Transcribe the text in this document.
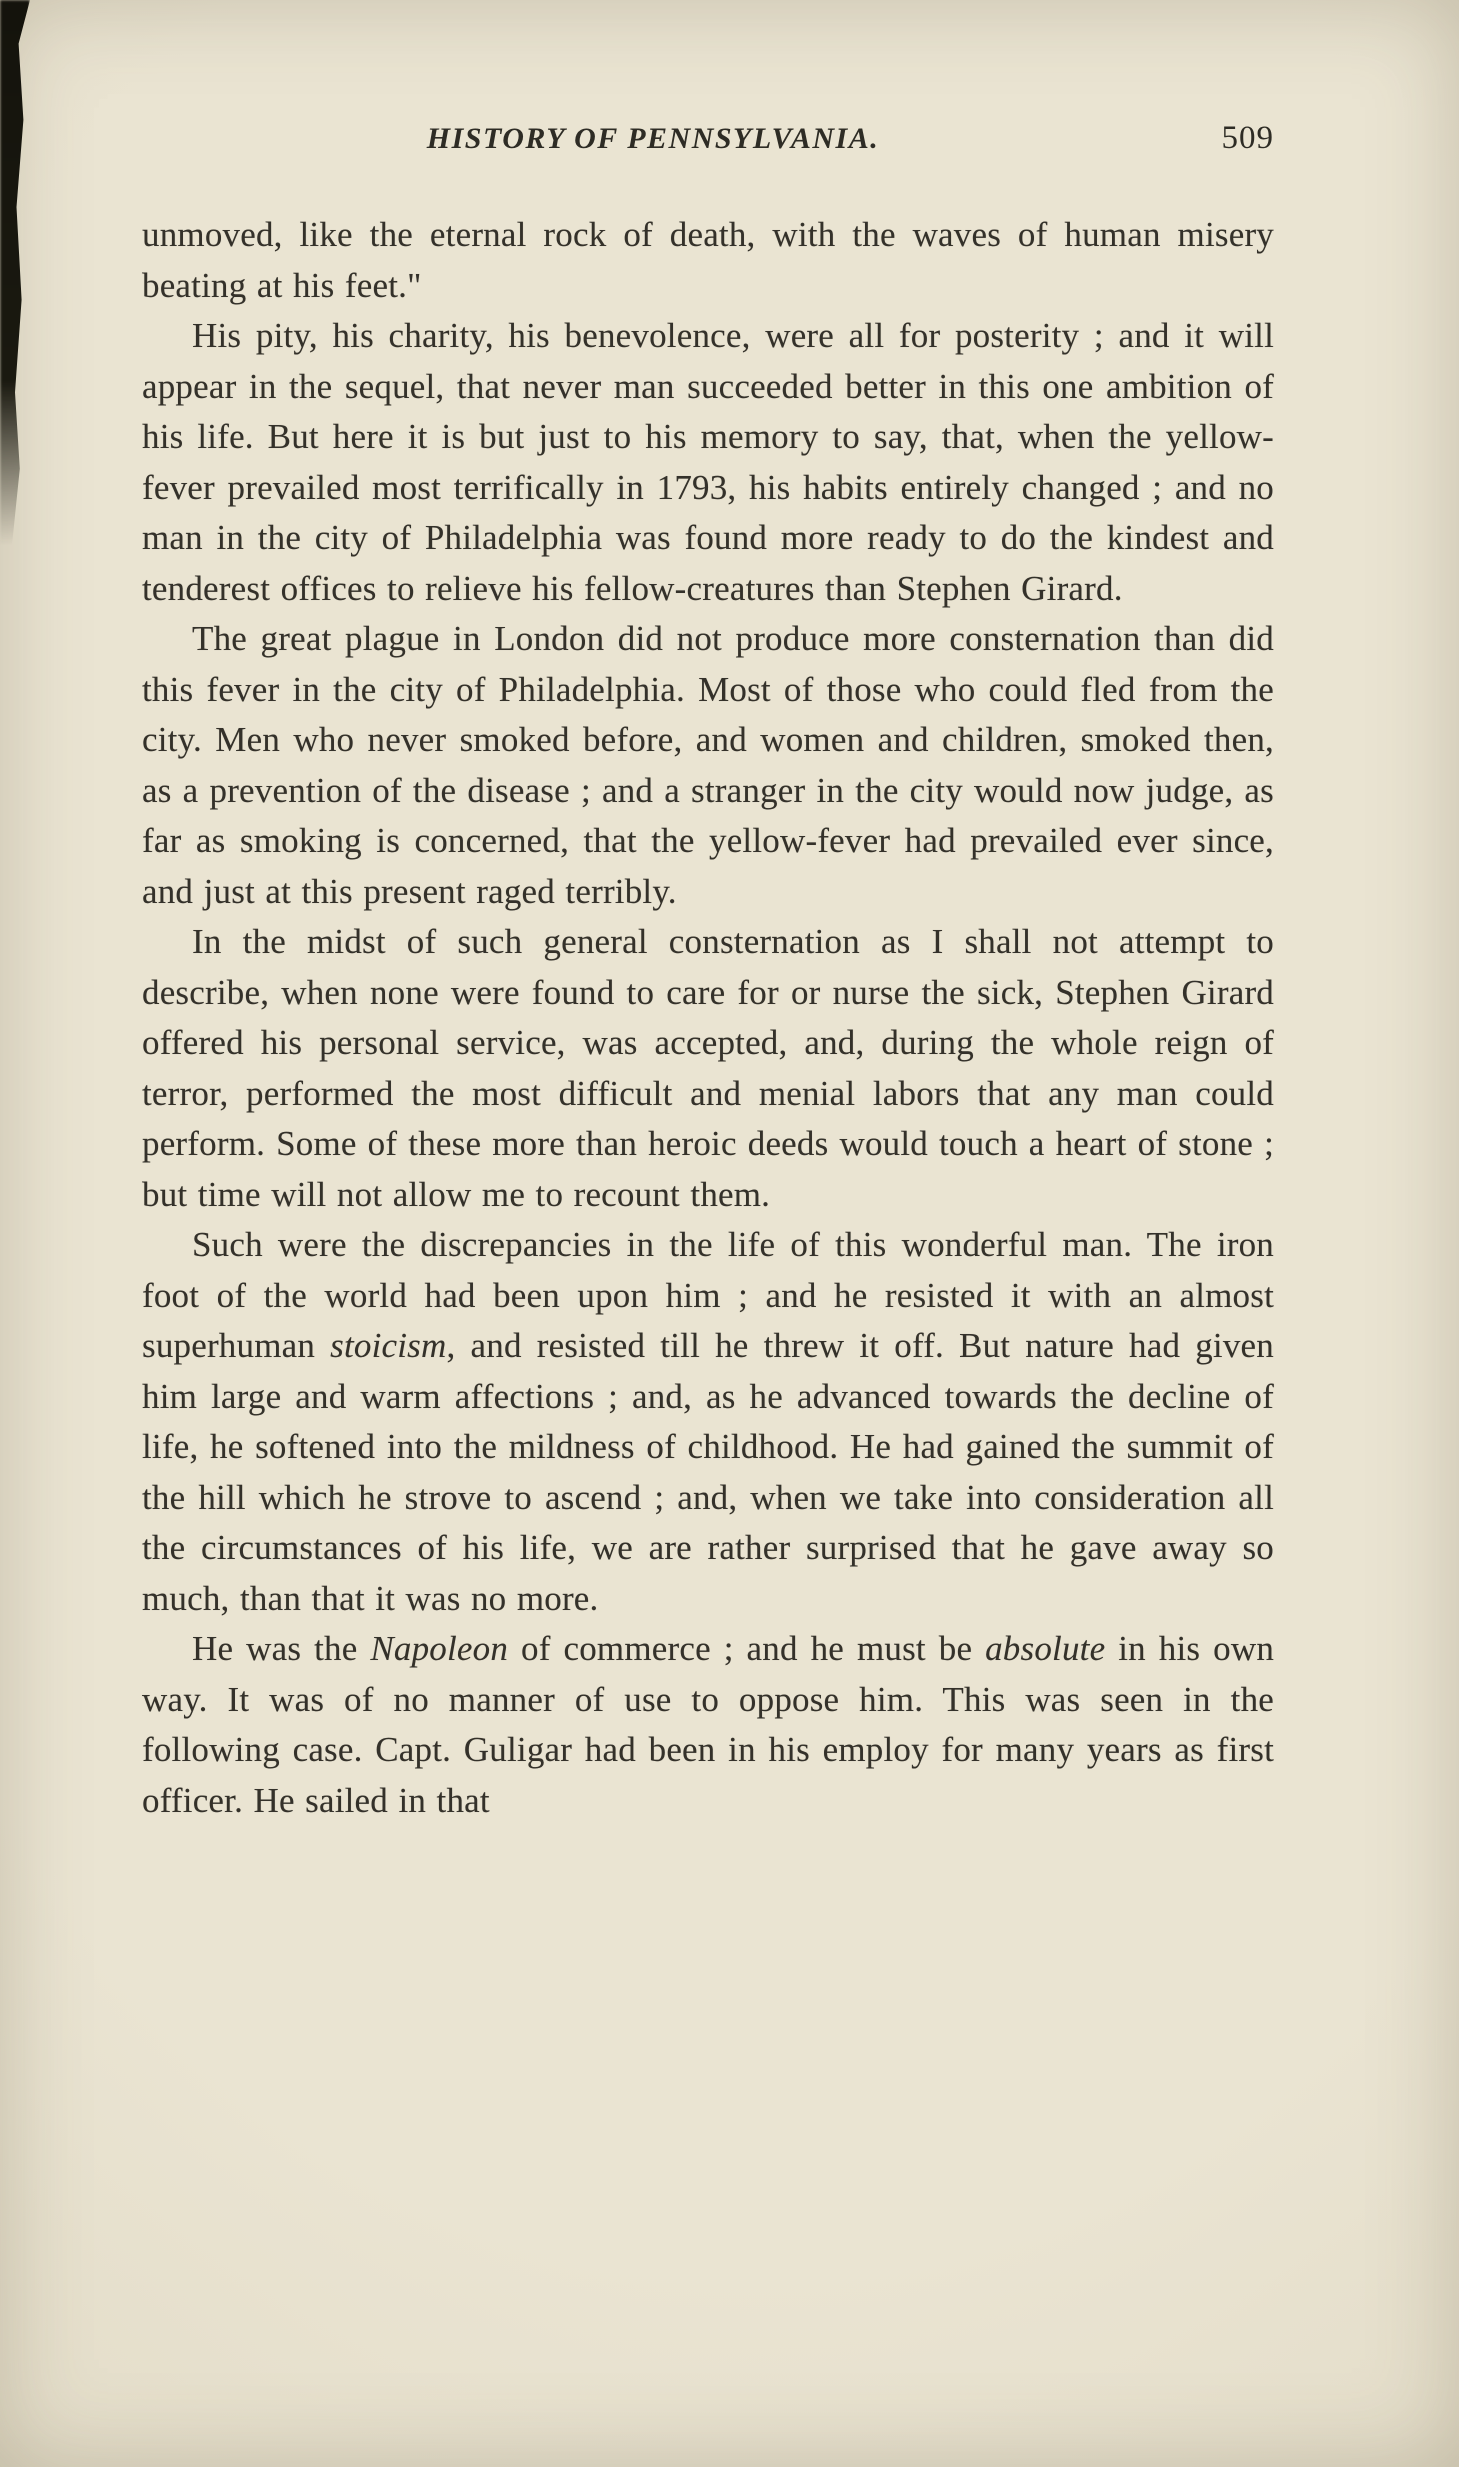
HISTORY OF PENNSYLVANIA.	509

unmoved, like the eternal rock of death, with the waves of human misery beating at his feet."

His pity, his charity, his benevolence, were all for posterity ; and it will appear in the sequel, that never man succeeded better in this one ambition of his life. But here it is but just to his memory to say, that, when the yellow-fever prevailed most terrifically in 1793, his habits entirely changed ; and no man in the city of Philadelphia was found more ready to do the kindest and tenderest offices to relieve his fellow-creatures than Stephen Girard.

The great plague in London did not produce more consternation than did this fever in the city of Philadelphia. Most of those who could fled from the city. Men who never smoked before, and women and children, smoked then, as a prevention of the disease ; and a stranger in the city would now judge, as far as smoking is concerned, that the yellow-fever had prevailed ever since, and just at this present raged terribly.

In the midst of such general consternation as I shall not attempt to describe, when none were found to care for or nurse the sick, Stephen Girard offered his personal service, was accepted, and, during the whole reign of terror, performed the most difficult and menial labors that any man could perform. Some of these more than heroic deeds would touch a heart of stone ; but time will not allow me to recount them.

Such were the discrepancies in the life of this wonderful man. The iron foot of the world had been upon him ; and he resisted it with an almost superhuman stoicism, and resisted till he threw it off. But nature had given him large and warm affections ; and, as he advanced towards the decline of life, he softened into the mildness of childhood. He had gained the summit of the hill which he strove to ascend ; and, when we take into consideration all the circumstances of his life, we are rather surprised that he gave away so much, than that it was no more.

He was the Napoleon of commerce ; and he must be absolute in his own way. It was of no manner of use to oppose him. This was seen in the following case. Capt. Guligar had been in his employ for many years as first officer. He sailed in that
